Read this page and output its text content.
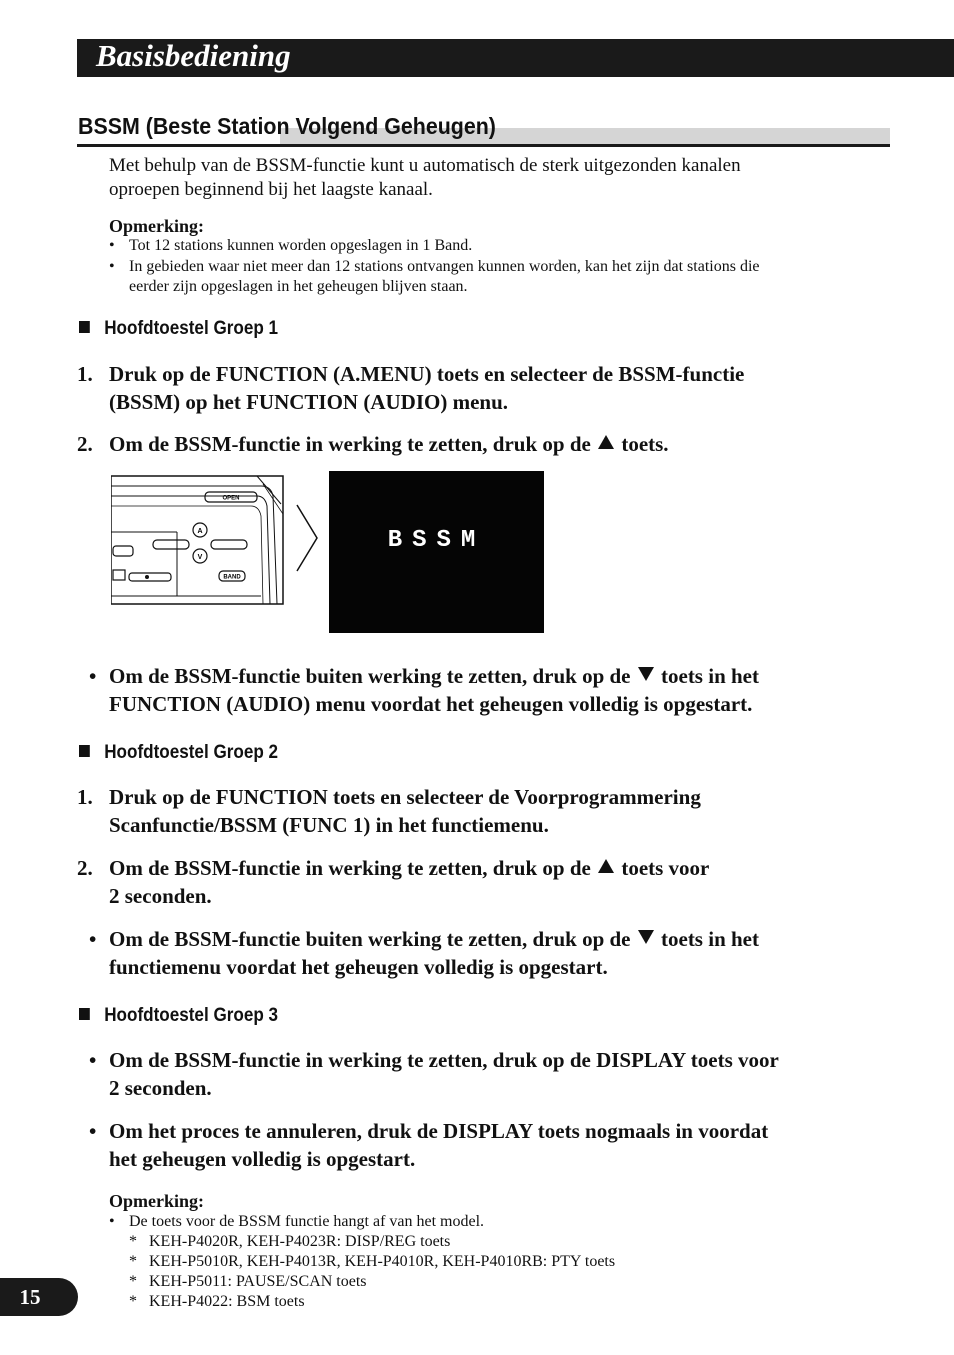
Basisbediening
BSSM (Beste Station Volgend Geheugen)
Met behulp van de BSSM-functie kunt u automatisch de sterk uitgezonden kanalen
oproepen beginnend bij het laagste kanaal.
Opmerking:
• Tot 12 stations kunnen worden opgeslagen in 1 Band.
• In gebieden waar niet meer dan 12 stations ontvangen kunnen worden, kan het zijn dat stations die
eerder zijn opgeslagen in het geheugen blijven staan.
Hoofdtoestel Groep 1
1. Druk op de FUNCTION (A.MENU) toets en selecteer de BSSM-functie
(BSSM) op het FUNCTION (AUDIO) menu.
2. Om de BSSM-functie in werking te zetten, druk op de toets.
OPEN
A
V
BAND
BSSM
• Om de BSSM-functie buiten werking te zetten, druk op de toets in het
FUNCTION (AUDIO) menu voordat het geheugen volledig is opgestart.
Hoofdtoestel Groep 2
1. Druk op de FUNCTION toets en selecteer de Voorprogrammering
Scanfunctie/BSSM (FUNC 1) in het functiemenu.
2. Om de BSSM-functie in werking te zetten, druk op de toets voor
2 seconden.
• Om de BSSM-functie buiten werking te zetten, druk op de toets in het
functiemenu voordat het geheugen volledig is opgestart.
Hoofdtoestel Groep 3
• Om de BSSM-functie in werking te zetten, druk op de DISPLAY toets voor
2 seconden.
• Om het proces te annuleren, druk de DISPLAY toets nogmaals in voordat
het geheugen volledig is opgestart.
Opmerking:
• De toets voor de BSSM functie hangt af van het model.
* KEH-P4020R, KEH-P4023R: DISP/REG toets
* KEH-P5010R, KEH-P4013R, KEH-P4010R, KEH-P4010RB: PTY toets
* KEH-P5011: PAUSE/SCAN toets
* KEH-P4022: BSM toets
15
